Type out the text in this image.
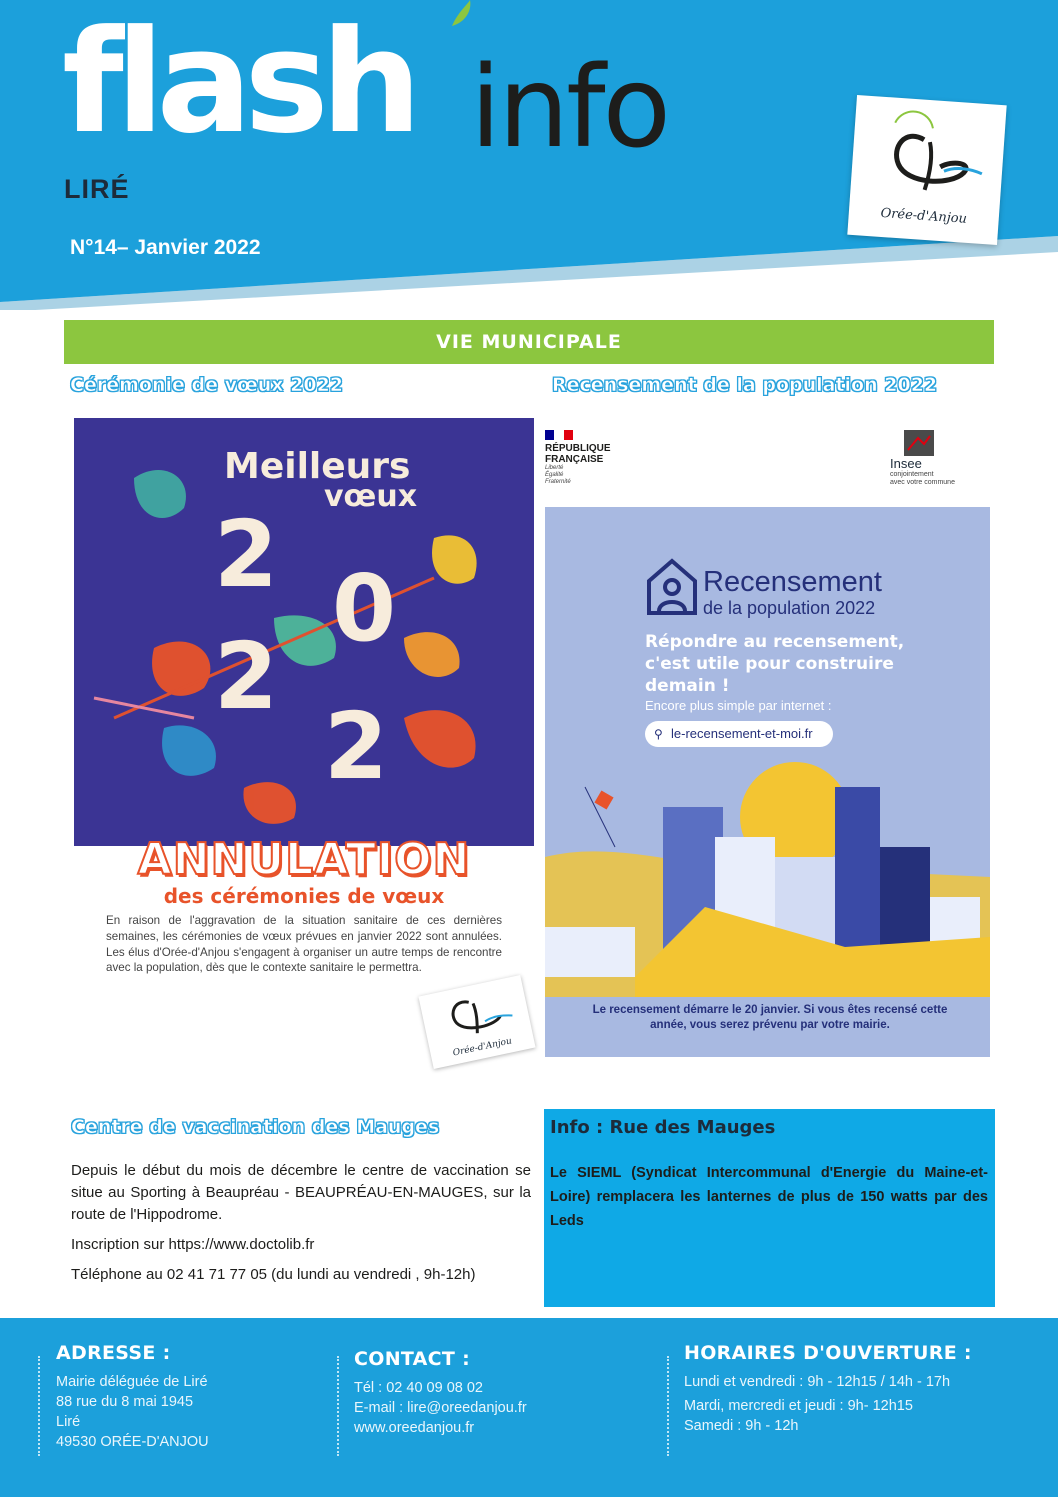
flash info
LIRÉ
N°14– Janvier 2022
Orée-d'Anjou
VIE MUNICIPALE
Cérémonie de vœux 2022
Meilleurs
vœux
2
0
2
2
ANNULATION
des cérémonies de vœux
En raison de l'aggravation de la situation sanitaire de ces dernières semaines, les cérémonies de vœux prévues en janvier 2022 sont annulées. Les élus d'Orée-d'Anjou s'engagent à organiser un autre temps de rencontre avec la population, dès que le contexte sanitaire le permettra.
Orée-d'Anjou
Recensement de la population 2022
RÉPUBLIQUE
FRANÇAISE
Liberté
Égalité
Fraternité
Insee
conjointement
avec votre commune
Recensement
de la population 2022
Répondre au recensement, c'est utile pour construire demain !
Encore plus simple par internet :
⚲ le-recensement-et-moi.fr
Le recensement démarre le 20 janvier. Si vous êtes recensé cette année, vous serez prévenu par votre mairie.
Centre de vaccination des Mauges

Depuis le début du mois de décembre le centre de vaccination se situe au Sporting à Beaupréau - BEAUPRÉAU-EN-MAUGES, sur la route de l'Hippodrome.

Inscription sur https://www.doctolib.fr

Téléphone au 02 41 71 77 05 (du lundi au vendredi , 9h-12h)

Info : Rue des Mauges
Le SIEML (Syndicat Intercommunal d'Energie du Maine-et-Loire) remplacera les lanternes de plus de 150 watts par des Leds
ADRESSE :
Mairie déléguée de Liré
88 rue du 8 mai 1945
Liré
49530 ORÉE-D'ANJOU
CONTACT :
Tél : 02 40 09 08 02
E-mail : lire@oreedanjou.fr
www.oreedanjou.fr
HORAIRES D'OUVERTURE :
Lundi et vendredi : 9h - 12h15 / 14h - 17h
Mardi, mercredi et jeudi : 9h- 12h15
Samedi : 9h - 12h
